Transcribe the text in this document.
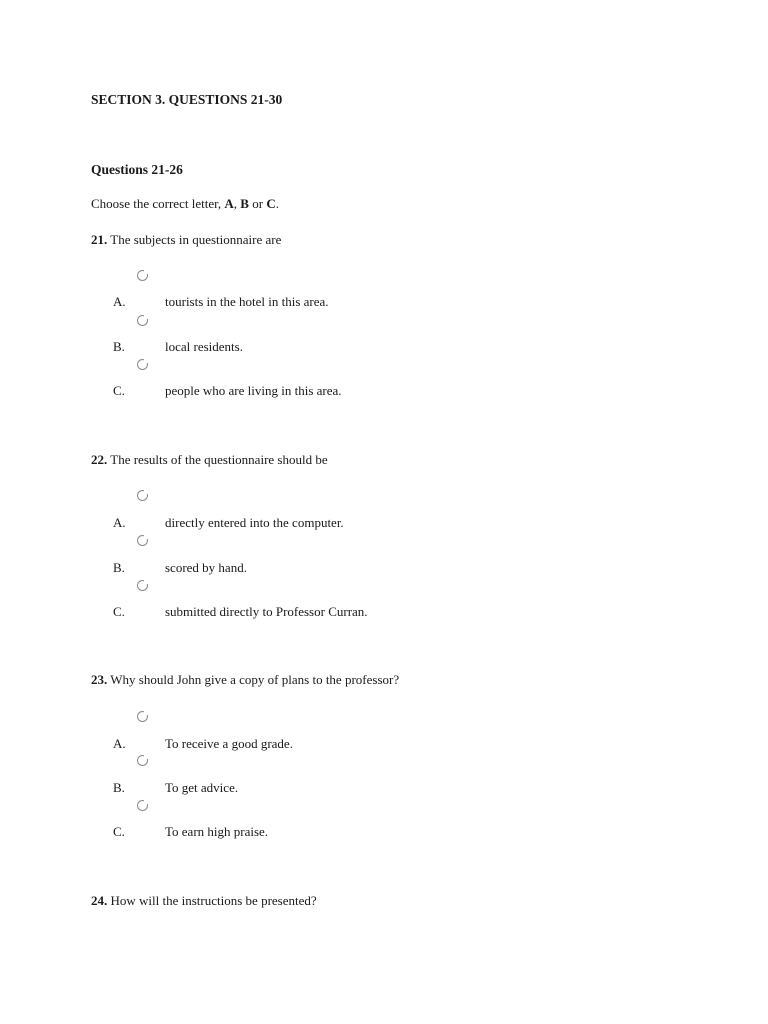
SECTION 3. QUESTIONS 21-30
Questions 21-26
Choose the correct letter, A, B or C.
21. The subjects in questionnaire are
A.	tourists in the hotel in this area.
B.	local residents.
C.	people who are living in this area.
22. The results of the questionnaire should be
A.	directly entered into the computer.
B.	scored by hand.
C.	submitted directly to Professor Curran.
23. Why should John give a copy of plans to the professor?
A.	To receive a good grade.
B.	To get advice.
C.	To earn high praise.
24. How will the instructions be presented?
